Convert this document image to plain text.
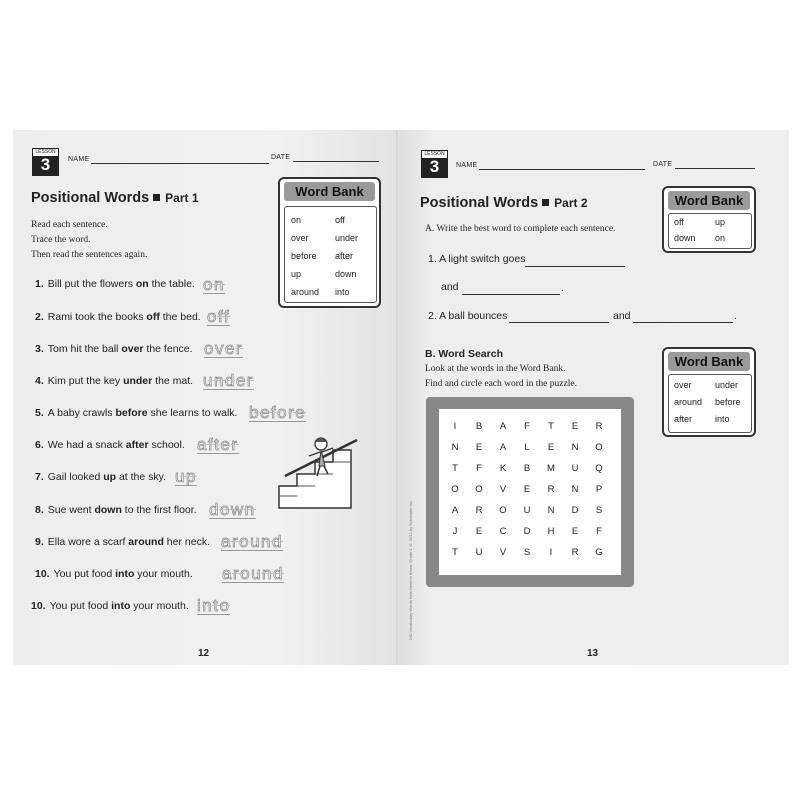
LESSON
3	NAME	DATE
Positional Words Part 1
Read each sentence.
Trace the word.
Then read the sentences again.
Word Bank
on	off
over	under
before after
up	down
around into
1. Bill put the flowers on the table. on
2. Rami took the books off the bed. off
3. Tom hit the ball over the fence. over
4. Kim put the key under the mat. under
5. A baby crawls before she learns to walk. before
6. We had a snack after school. after
7. Gail looked up at the sky. up
8. Sue went down to the first floor. down
9. Ella wore a scarf around her neck. around
10. You put food into your mouth. around
10. You put food into your mouth. into
12
240 Vocabulary Words Kids Need to Know: Grade 1 © 2012 by Scholastic Inc.
LESSON
3	NAME	DATE
Positional Words Part 2
A. Write the best word to complete each sentence.
1. A light switch goes
and	.
2. A ball bounces	and	.
Word Bank
off	up
down on
B. Word Search
Look at the words in the Word Bank.
Find and circle each word in the puzzle.
Word Bank
over	under
around before
after	into
I	B	A	F	T	E	R
N	E	A	L	E	N	O
T	F	K	B	M	U	Q
O	O	V	E	R	N	P
A	R	O	U	N	D	S
J	E	C	D	H	E	F
T	U	V	S	I	R	G
13
